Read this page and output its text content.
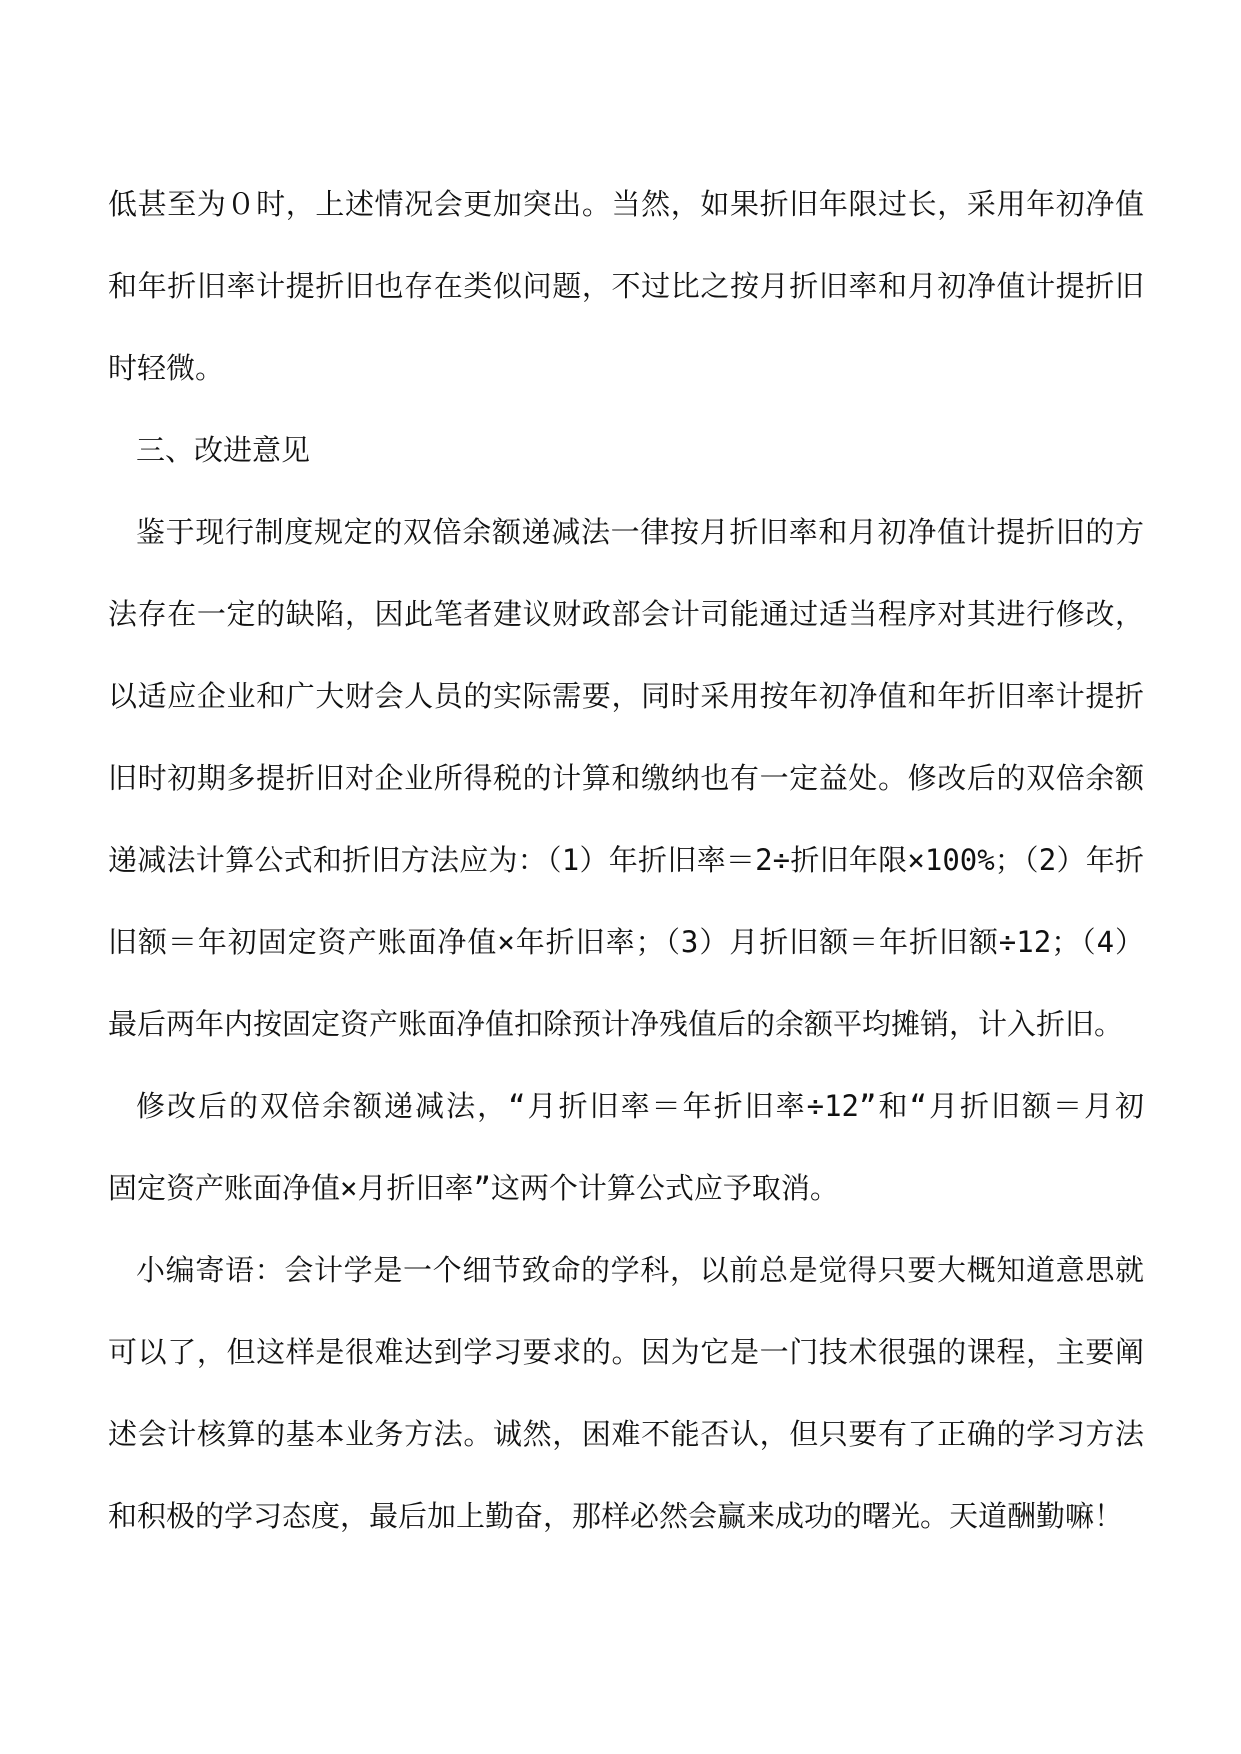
低甚至为０时，上述情况会更加突出。当然，如果折旧年限过长，采用年初净值
和年折旧率计提折旧也存在类似问题，不过比之按月折旧率和月初净值计提折旧
时轻微。
三、改进意见
鉴于现行制度规定的双倍余额递减法一律按月折旧率和月初净值计提折旧的方
法存在一定的缺陷，因此笔者建议财政部会计司能通过适当程序对其进行修改，
以适应企业和广大财会人员的实际需要，同时采用按年初净值和年折旧率计提折
旧时初期多提折旧对企业所得税的计算和缴纳也有一定益处。修改后的双倍余额
递减法计算公式和折旧方法应为：（1）年折旧率＝2÷折旧年限×100%；（2）年折
旧额＝年初固定资产账面净值×年折旧率；（3）月折旧额＝年折旧额÷12；（4）
最后两年内按固定资产账面净值扣除预计净残值后的余额平均摊销，计入折旧。
修改后的双倍余额递减法，“月折旧率＝年折旧率÷12”和“月折旧额＝月初
固定资产账面净值×月折旧率”这两个计算公式应予取消。
小编寄语：会计学是一个细节致命的学科，以前总是觉得只要大概知道意思就
可以了，但这样是很难达到学习要求的。因为它是一门技术很强的课程，主要阐
述会计核算的基本业务方法。诚然，困难不能否认，但只要有了正确的学习方法
和积极的学习态度，最后加上勤奋，那样必然会赢来成功的曙光。天道酬勤嘛！
